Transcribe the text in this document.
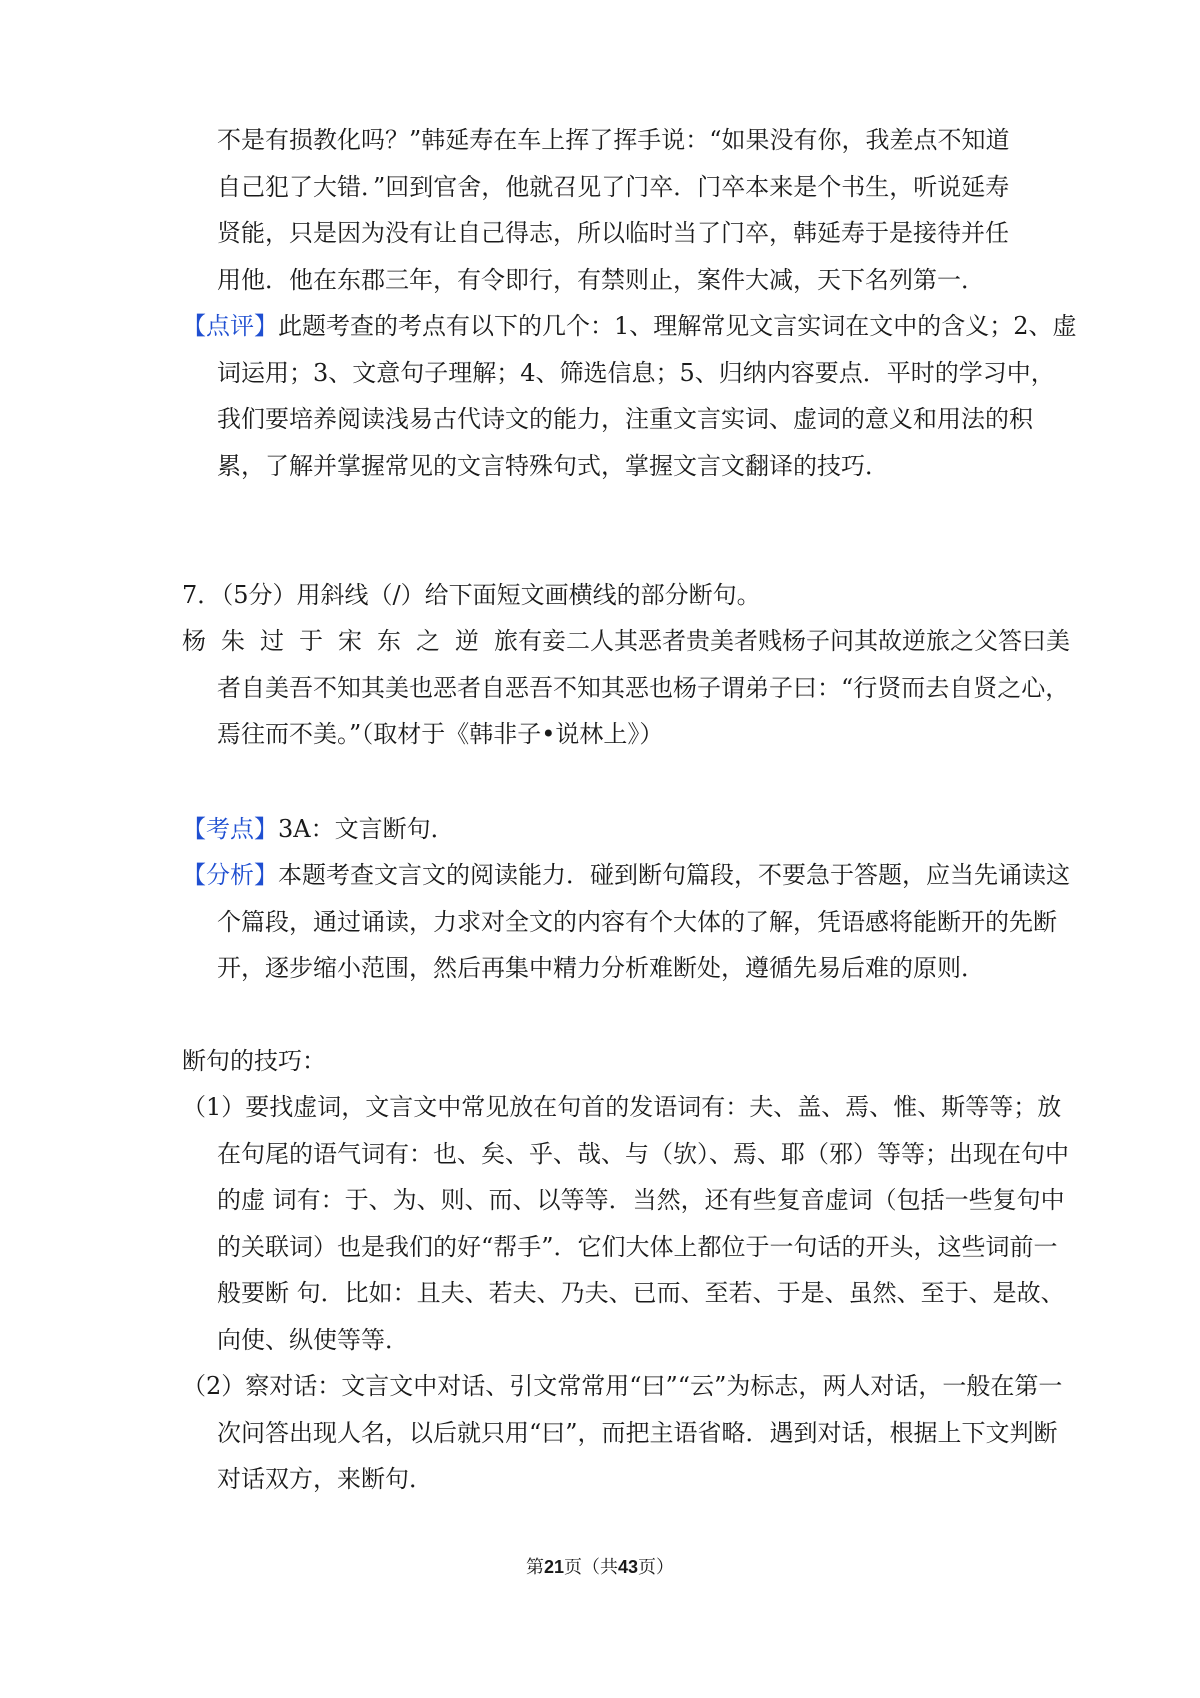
不是有损教化吗？”韩延寿在车上挥了挥手说：“如果没有你，我差点不知道
自己犯了大错．”回到官舍，他就召见了门卒．门卒本来是个书生，听说延寿
贤能，只是因为没有让自己得志，所以临时当了门卒，韩延寿于是接待并任
用他．他在东郡三年，有令即行，有禁则止，案件大减，天下名列第一．
【点评】此题考查的考点有以下的几个：1、理解常见文言实词在文中的含义；2、虚词运用；3、文意句子理解；4、筛选信息；5、归纳内容要点．平时的学习中，我们要培养阅读浅易古代诗文的能力，注重文言实词、虚词的意义和用法的积累，了解并掌握常见的文言特殊句式，掌握文言文翻译的技巧．
7．（5分）用斜线（/）给下面短文画横线的部分断句。
杨朱过于宋东之逆旅有妾二人其恶者贵美者贱杨子问其故逆旅之父答曰美者自美吾不知其美也恶者自恶吾不知其恶也杨子谓弟子曰：“行贤而去自贤之心，焉往而不美。”（取材于《韩非子•说林上》）
【考点】3A：文言断句．
【分析】本题考查文言文的阅读能力．碰到断句篇段，不要急于答题，应当先诵读这个篇段，通过诵读，力求对全文的内容有个大体的了解，凭语感将能断开的先断开，逐步缩小范围，然后再集中精力分析难断处，遵循先易后难的原则．
断句的技巧：
（1）要找虚词，文言文中常见放在句首的发语词有：夫、盖、焉、惟、斯等等；放在句尾的语气词有：也、矣、乎、哉、与（欤）、焉、耶（邪）等等；出现在句中的虚 词有：于、为、则、而、以等等．当然，还有些复音虚词（包括一些复句中的关联词）也是我们的好“帮手”．它们大体上都位于一句话的开头，这些词前一般要断 句．比如：且夫、若夫、乃夫、已而、至若、于是、虽然、至于、是故、向使、纵使等等．
（2）察对话：文言文中对话、引文常常用“曰”“云”为标志，两人对话，一般在第一次问答出现人名，以后就只用“曰”，而把主语省略．遇到对话，根据上下文判断对话双方，来断句．
第21页（共43页）
